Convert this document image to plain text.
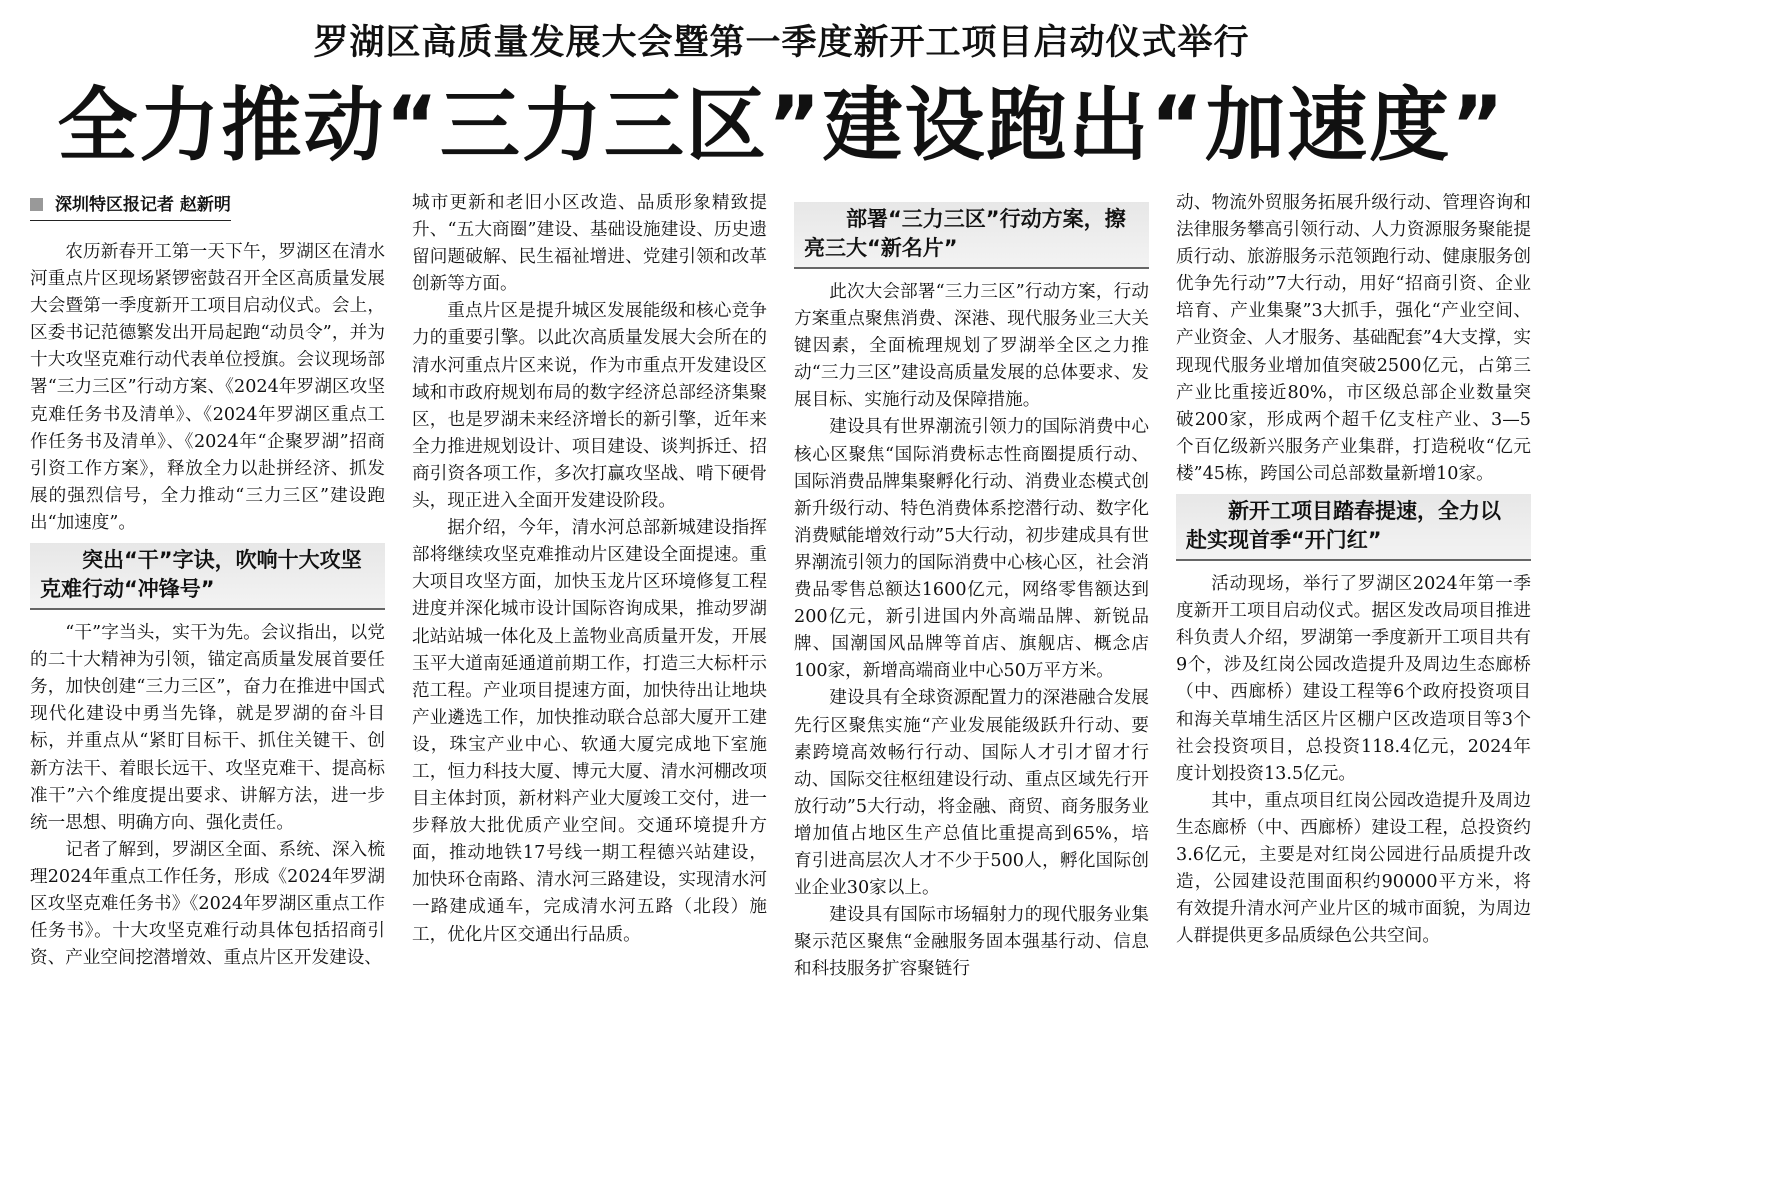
罗湖区高质量发展大会暨第一季度新开工项目启动仪式举行
全力推动“三力三区”建设跑出“加速度”
深圳特区报记者 赵新明

农历新春开工第一天下午，罗湖区在清水河重点片区现场紧锣密鼓召开全区高质量发展大会暨第一季度新开工项目启动仪式。会上，区委书记范德繁发出开局起跑“动员令”，并为十大攻坚克难行动代表单位授旗。会议现场部署“三力三区”行动方案、《2024年罗湖区攻坚克难任务书及清单》、《2024年罗湖区重点工作任务书及清单》、《2024年“企聚罗湖”招商引资工作方案》，释放全力以赴拼经济、抓发展的强烈信号，全力推动“三力三区”建设跑出“加速度”。

突出“干”字诀，吹响十大攻坚
克难行动“冲锋号”

“干”字当头，实干为先。会议指出，以党的二十大精神为引领，锚定高质量发展首要任务，加快创建“三力三区”，奋力在推进中国式现代化建设中勇当先锋，就是罗湖的奋斗目标，并重点从“紧盯目标干、抓住关键干、创新方法干、着眼长远干、攻坚克难干、提高标准干”六个维度提出要求、讲解方法，进一步统一思想、明确方向、强化责任。

记者了解到，罗湖区全面、系统、深入梳理2024年重点工作任务，形成《2024年罗湖区攻坚克难任务书》《2024年罗湖区重点工作任务书》。十大攻坚克难行动具体包括招商引资、产业空间挖潜增效、重点片区开发建设、

城市更新和老旧小区改造、品质形象精致提升、“五大商圈”建设、基础设施建设、历史遗留问题破解、民生福祉增进、党建引领和改革创新等方面。

重点片区是提升城区发展能级和核心竞争力的重要引擎。以此次高质量发展大会所在的清水河重点片区来说，作为市重点开发建设区域和市政府规划布局的数字经济总部经济集聚区，也是罗湖未来经济增长的新引擎，近年来全力推进规划设计、项目建设、谈判拆迁、招商引资各项工作，多次打赢攻坚战、啃下硬骨头，现正进入全面开发建设阶段。

据介绍，今年，清水河总部新城建设指挥部将继续攻坚克难推动片区建设全面提速。重大项目攻坚方面，加快玉龙片区环境修复工程进度并深化城市设计国际咨询成果，推动罗湖北站站城一体化及上盖物业高质量开发，开展玉平大道南延通道前期工作，打造三大标杆示范工程。产业项目提速方面，加快待出让地块产业遴选工作，加快推动联合总部大厦开工建设，珠宝产业中心、软通大厦完成地下室施工，恒力科技大厦、博元大厦、清水河棚改项目主体封顶，新材料产业大厦竣工交付，进一步释放大批优质产业空间。交通环境提升方面，推动地铁17号线一期工程德兴站建设，加快环仓南路、清水河三路建设，实现清水河一路建成通车，完成清水河五路（北段）施工，优化片区交通出行品质。

部署“三力三区”行动方案，擦
亮三大“新名片”

此次大会部署“三力三区”行动方案，行动方案重点聚焦消费、深港、现代服务业三大关键因素，全面梳理规划了罗湖举全区之力推动“三力三区”建设高质量发展的总体要求、发展目标、实施行动及保障措施。

建设具有世界潮流引领力的国际消费中心核心区聚焦“国际消费标志性商圈提质行动、国际消费品牌集聚孵化行动、消费业态模式创新升级行动、特色消费体系挖潜行动、数字化消费赋能增效行动”5大行动，初步建成具有世界潮流引领力的国际消费中心核心区，社会消费品零售总额达1600亿元，网络零售额达到200亿元，新引进国内外高端品牌、新锐品牌、国潮国风品牌等首店、旗舰店、概念店100家，新增高端商业中心50万平方米。

建设具有全球资源配置力的深港融合发展先行区聚焦实施“产业发展能级跃升行动、要素跨境高效畅行行动、国际人才引才留才行动、国际交往枢纽建设行动、重点区域先行开放行动”5大行动，将金融、商贸、商务服务业增加值占地区生产总值比重提高到65%，培育引进高层次人才不少于500人，孵化国际创业企业30家以上。

建设具有国际市场辐射力的现代服务业集聚示范区聚焦“金融服务固本强基行动、信息和科技服务扩容聚链行

动、物流外贸服务拓展升级行动、管理咨询和法律服务攀高引领行动、人力资源服务聚能提质行动、旅游服务示范领跑行动、健康服务创优争先行动”7大行动，用好“招商引资、企业培育、产业集聚”3大抓手，强化“产业空间、产业资金、人才服务、基础配套”4大支撑，实现现代服务业增加值突破2500亿元，占第三产业比重接近80%，市区级总部企业数量突破200家，形成两个超千亿支柱产业、3—5个百亿级新兴服务产业集群，打造税收“亿元楼”45栋，跨国公司总部数量新增10家。

新开工项目踏春提速，全力以
赴实现首季“开门红”

活动现场，举行了罗湖区2024年第一季度新开工项目启动仪式。据区发改局项目推进科负责人介绍，罗湖第一季度新开工项目共有9个，涉及红岗公园改造提升及周边生态廊桥（中、西廊桥）建设工程等6个政府投资项目和海关草埔生活区片区棚户区改造项目等3个社会投资项目，总投资118.4亿元，2024年度计划投资13.5亿元。

其中，重点项目红岗公园改造提升及周边生态廊桥（中、西廊桥）建设工程，总投资约3.6亿元，主要是对红岗公园进行品质提升改造，公园建设范围面积约90000平方米，将有效提升清水河产业片区的城市面貌，为周边人群提供更多品质绿色公共空间。
